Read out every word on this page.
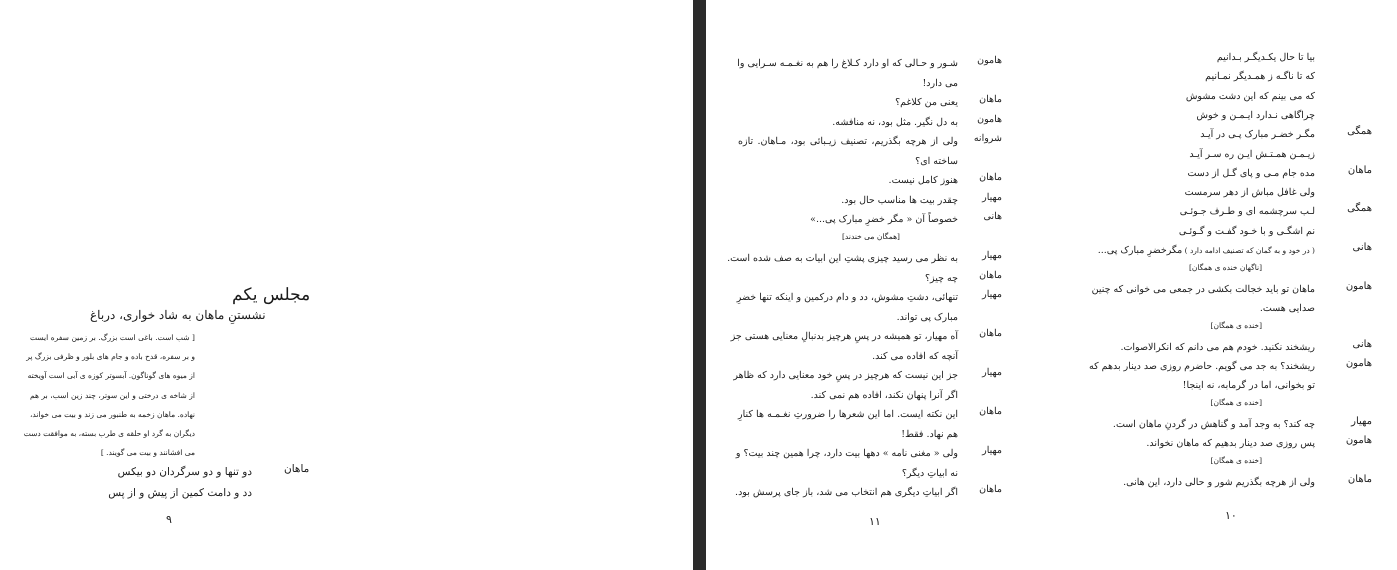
مجلس یکم
نشستنِ ماهان به شاد خواری، درباغ
[ شب است. باغی است بزرگ. بر زمین سفره ایست
و بر سفره، قدح باده و جام های بلور و ظرفی بزرگ پر
از میوه های گوناگون. آبسوتر کوزه ی آبی است آویخته
از شاخه ی درختی و این سوتر، چند زین اسب، بر هم
نهاده. ماهان زخمه به طنبور می زند و بیت می خواند،
دیگران به گرد او حلقه ی طرب بسته، به موافقت دست
می افشانند و بیت می گویند. ]
ماهان
دو تنها و دو سرگردان دو بیکس
دد و دامت کمین از پیش و از پس
۹
هامون
شـور و حـالی که او دارد کـلاغ را هم به نغـمـه سـرایی وا
می دارد!
ماهان
یعنی من کلاغم؟
هامون
به دل نگیر. مثل بود، نه منافشه.
شروانه
ولی از هرچه بگذریم، تصنیف زیـبائی بود، مـاهان. تازه
ساخته ای؟
ماهان
هنوز کامل نیست.
مهیار
چقدر بیت ها مناسب حال بود.
هانی
خصوصاً آن « مگر خضرِ مبارک پی...»
[همگان می خندند]
مهیار
به نظر می رسید چیزی پشتِ این ابیات به صف شده است.
ماهان
چه چیز؟
مهیار
تنهائی، دشتِ مشوش، دد و دام درکمین و اینکه تنها خضرِ
مبارک پی تواند.
ماهان
آه مهیار، تو همیشه در پسِ هرچیز بدنبالِ معنایی هستی جز
آنچه که افاده می کند.
مهیار
جز این نیست که هرچیز در پسِ خود معنایی دارد که ظاهر
اگر آنرا پنهان نکند، افاده هم نمی کند.
ماهان
این نکته ایست. اما این شعرها را ضرورتِ نغـمـه ها کنارِ
هم نهاد. فقط!
مهیار
ولی « مغنی نامه » دهها بیت دارد، چرا همین چند بیت؟ و
نه ابیاتِ دیگر؟
ماهان
اگر ابیاتِ دیگری هم انتخاب می شد، باز جای پرسش بود.
۱۱
بیا تا حال یکـدیگـر بـدانیم
که تا ناگـه ز همـدیگر نمـانیم
که می بینم که این دشت مشوش
چراگاهی نـدارد ایـمـن و خوش
همگی
مگـر خضـر مبارک پـی در آیـد
زیـمـن همـتـش ایـن ره سـر آیـد
ماهان
مده جام مـی و پای گـل از دست
ولی غافل مباش از دهر سرمست
همگی
لـب سرچشمه ای و طـرف جـوئـی
نم اشگـی و با خـود گفـت و گـوئـی
هانی
( در خود و به گمان که تصنیف ادامه دارد ) مگرخضرِ مبارک پی...
[ناگهان خنده ی همگان]
هامون
ماهان تو باید خجالت بکشی در جمعی می خوانی که چنین
صدایی هست.
[خنده ی همگان]
هانی
ریشخند نکنید. خودم هم می دانم که انکرالاصوات.
هامون
ریشخند؟ به جد می گویم. حاضرم روزی صد دینار بدهم که
تو بخوانی، اما در گرمابه، نه اینجا!
[خنده ی همگان]
مهیار
چه کند؟ به وجد آمد و گناهش در گردنِ ماهان است.
هامون
پس روزی صد دینار بدهیم که ماهان نخواند.
[خنده ی همگان]
ماهان
ولی از هرچه بگذریم شور و حالی دارد، این هانی.
۱۰
